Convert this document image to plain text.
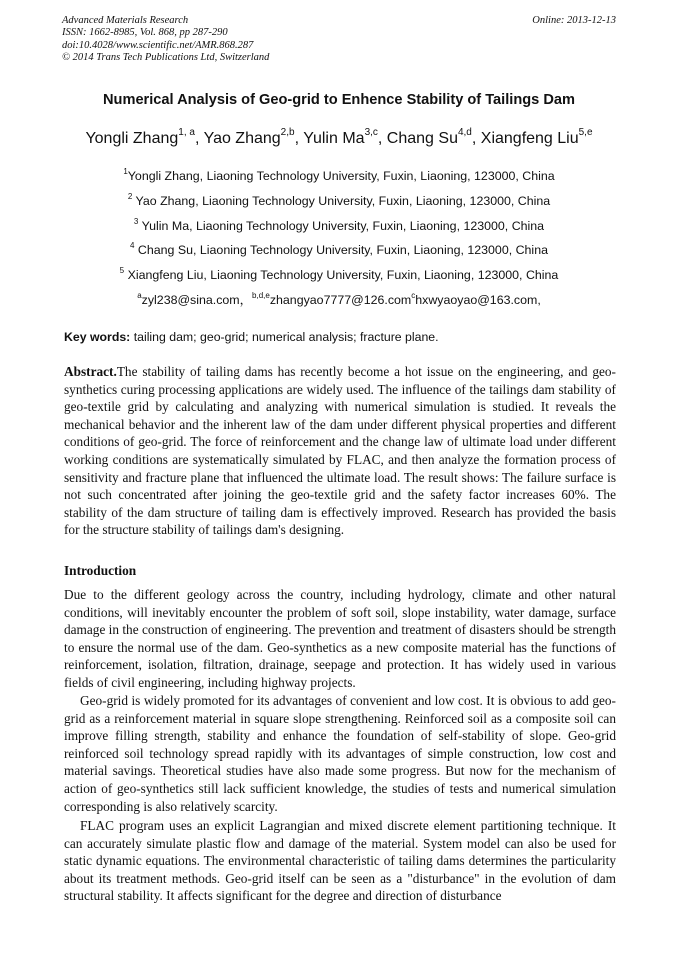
Advanced Materials Research	Online: 2013-12-13
ISSN: 1662-8985, Vol. 868, pp 287-290
doi:10.4028/www.scientific.net/AMR.868.287
© 2014 Trans Tech Publications Ltd, Switzerland
Numerical Analysis of Geo-grid to Enhence Stability of Tailings Dam
Yongli Zhang$^{1, a}$, Yao Zhang$^{2,b}$, Yulin Ma$^{3,c}$, Chang Su$^{4,d}$, Xiangfeng Liu$^{5,e}$
$^1$Yongli Zhang, Liaoning Technology University, Fuxin, Liaoning, 123000, China
$^2$ Yao Zhang, Liaoning Technology University, Fuxin, Liaoning, 123000, China
$^3$ Yulin Ma, Liaoning Technology University, Fuxin, Liaoning, 123000, China
$^4$ Chang Su, Liaoning Technology University, Fuxin, Liaoning, 123000, China
$^5$ Xiangfeng Liu, Liaoning Technology University, Fuxin, Liaoning, 123000, China
$^a$zyl238@sina.com，$^{b,d,e}$zhangyao7777@126.com$^c$hxwyaoyao@163.com,
Key words: tailing dam; geo-grid; numerical analysis; fracture plane.

Abstract.The stability of tailing dams has recently become a hot issue on the engineering, and geo-synthetics curing processing applications are widely used. The influence of the tailings dam stability of geo-textile grid by calculating and analyzing with numerical simulation is studied. It reveals the mechanical behavior and the inherent law of the dam under different physical properties and different conditions of geo-grid. The force of reinforcement and the change law of ultimate load under different working conditions are systematically simulated by FLAC, and then analyze the formation process of sensitivity and fracture plane that influenced the ultimate load. The result shows: The failure surface is not such concentrated after joining the geo-textile grid and the safety factor increases 60%. The stability of the dam structure of tailing dam is effectively improved. Research has provided the basis for the structure stability of tailings dam's designing.

Introduction

Due to the different geology across the country, including hydrology, climate and other natural conditions, will inevitably encounter the problem of soft soil, slope instability, water damage, surface damage in the construction of engineering. The prevention and treatment of disasters should be strength to ensure the normal use of the dam. Geo-synthetics as a new composite material has the functions of reinforcement, isolation, filtration, drainage, seepage and protection. It has widely used in various fields of civil engineering, including highway projects.

Geo-grid is widely promoted for its advantages of convenient and low cost. It is obvious to add geo-grid as a reinforcement material in square slope strengthening. Reinforced soil as a composite soil can improve filling strength, stability and enhance the foundation of self-stability of slope. Geo-grid reinforced soil technology spread rapidly with its advantages of simple construction, low cost and material savings. Theoretical studies have also made some progress. But now for the mechanism of action of geo-synthetics still lack sufficient knowledge, the studies of tests and numerical simulation corresponding is also relatively scarcity.

FLAC program uses an explicit Lagrangian and mixed discrete element partitioning technique. It can accurately simulate plastic flow and damage of the material. System model can also be used for static dynamic equations. The environmental characteristic of tailing dams determines the particularity about its treatment methods. Geo-grid itself can be seen as a "disturbance" in the evolution of dam structural stability. It affects significant for the degree and direction of disturbance
